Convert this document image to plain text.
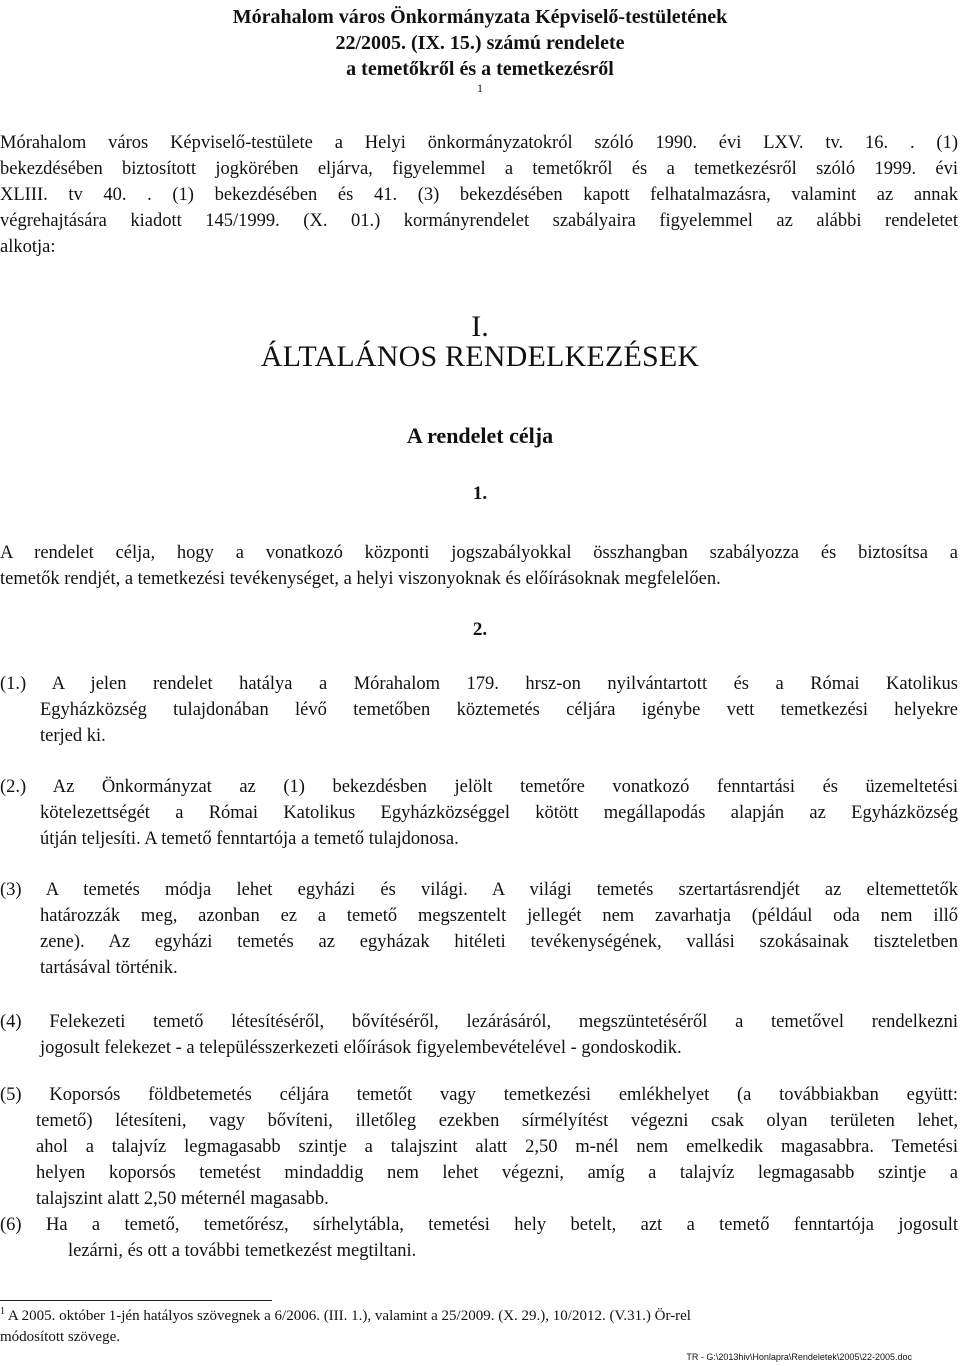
Mórahalom város Önkormányzata Képviselő-testületének
22/2005. (IX. 15.) számú rendelete
a temetőkről és a temetkezésről
1
Mórahalom város Képviselő-testülete a Helyi önkormányzatokról szóló 1990. évi LXV. tv. 16. . (1)
bekezdésében biztosított jogkörében eljárva, figyelemmel a temetőkről és a temetkezésről szóló 1999. évi
XLIII. tv 40. . (1) bekezdésében és 41. (3) bekezdésében kapott felhatalmazásra, valamint az annak
végrehajtására kiadott 145/1999. (X. 01.) kormányrendelet szabályaira figyelemmel az alábbi rendeletet
alkotja:
I.
ÁLTALÁNOS RENDELKEZÉSEK
A rendelet célja
1.
A rendelet célja, hogy a vonatkozó központi jogszabályokkal összhangban szabályozza és biztosítsa a
temetők rendjét, a temetkezési tevékenységet, a helyi viszonyoknak és előírásoknak megfelelően.
2.
(1.) A jelen rendelet hatálya a Mórahalom 179. hrsz-on nyilvántartott és a Római Katolikus
Egyházközség tulajdonában lévő temetőben köztemetés céljára igénybe vett temetkezési helyekre
terjed ki.
(2.) Az Önkormányzat az (1) bekezdésben jelölt temetőre vonatkozó fenntartási és üzemeltetési
kötelezettségét a Római Katolikus Egyházközséggel kötött megállapodás alapján az Egyházközség
útján teljesíti. A temető fenntartója a temető tulajdonosa.
(3) A temetés módja lehet egyházi és világi. A világi temetés szertartásrendjét az eltemettetők
határozzák meg, azonban ez a temető megszentelt jellegét nem zavarhatja (például oda nem illő
zene). Az egyházi temetés az egyházak hitéleti tevékenységének, vallási szokásainak tiszteletben
tartásával történik.
(4) Felekezeti temető létesítéséről, bővítéséről, lezárásáról, megszüntetéséről a temetővel rendelkezni
jogosult felekezet - a településszerkezeti előírások figyelembevételével - gondoskodik.
(5) Koporsós földbetemetés céljára temetőt vagy temetkezési emlékhelyet (a továbbiakban együtt:
temető) létesíteni, vagy bővíteni, illetőleg ezekben sírmélyítést végezni csak olyan területen lehet,
ahol a talajvíz legmagasabb szintje a talajszint alatt 2,50 m-nél nem emelkedik magasabbra. Temetési
helyen koporsós temetést mindaddig nem lehet végezni, amíg a talajvíz legmagasabb szintje a
talajszint alatt 2,50 méternél magasabb.
(6) Ha a temető, temetőrész, sírhelytábla, temetési hely betelt, azt a temető fenntartója jogosult
lezárni, és ott a további temetkezést megtiltani.
$^1$ A 2005. október 1-jén hatályos szövegnek a 6/2006. (III. 1.), valamint a 25/2009. (X. 29.), 10/2012. (V.31.) Ör-rel
módosított szövege.
TR - G:\2013hiv\Honlapra\Rendeletek\2005\22-2005.doc
